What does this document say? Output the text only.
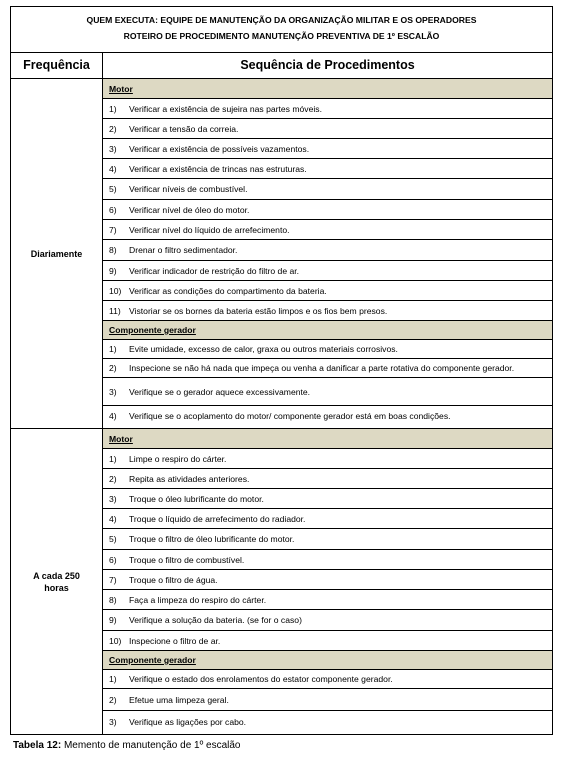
QUEM EXECUTA: EQUIPE DE MANUTENÇÃO DA ORGANIZAÇÃO MILITAR E OS OPERADORES
ROTEIRO DE PROCEDIMENTO MANUTENÇÃO PREVENTIVA DE 1º ESCALÃO
Frequência	Sequência de Procedimentos
Diariamente
Motor
1)	Verificar a existência de sujeira nas partes móveis.
2)	Verificar a tensão da correia.
3)	Verificar a existência de possíveis vazamentos.
4)	Verificar a existência de trincas nas estruturas.
5)	Verificar níveis de combustível.
6)	Verificar nível de óleo do motor.
7)	Verificar nível do líquido de arrefecimento.
8)	Drenar o filtro sedimentador.
9)	Verificar indicador de restrição do filtro de ar.
10) Verificar as condições do compartimento da bateria.
11) Vistoriar se os bornes da bateria estão limpos e os fios bem presos.
Componente gerador
1)	Evite umidade, excesso de calor, graxa ou outros materiais corrosivos.
2)	Inspecione se não há nada que impeça ou venha a danificar a parte rotativa do componente gerador.
3)	Verifique se o gerador aquece excessivamente.
4)	Verifique se o acoplamento do motor/ componente gerador está em boas condições.
A cada 250 horas
Motor
1)	Limpe o respiro do cárter.
2)	Repita as atividades anteriores.
3)	Troque o óleo lubrificante do motor.
4)	Troque o líquido de arrefecimento do radiador.
5)	Troque o filtro de óleo lubrificante do motor.
6)	Troque o filtro de combustível.
7)	Troque o filtro de água.
8)	Faça a limpeza do respiro do cárter.
9)	Verifique a solução da bateria. (se for o caso)
10) Inspecione o filtro de ar.
Componente gerador
1)	Verifique o estado dos enrolamentos do estator componente gerador.
2)	Efetue uma limpeza geral.
3)	Verifique as ligações por cabo.
Tabela 12: Memento de manutenção de 1º escalão
